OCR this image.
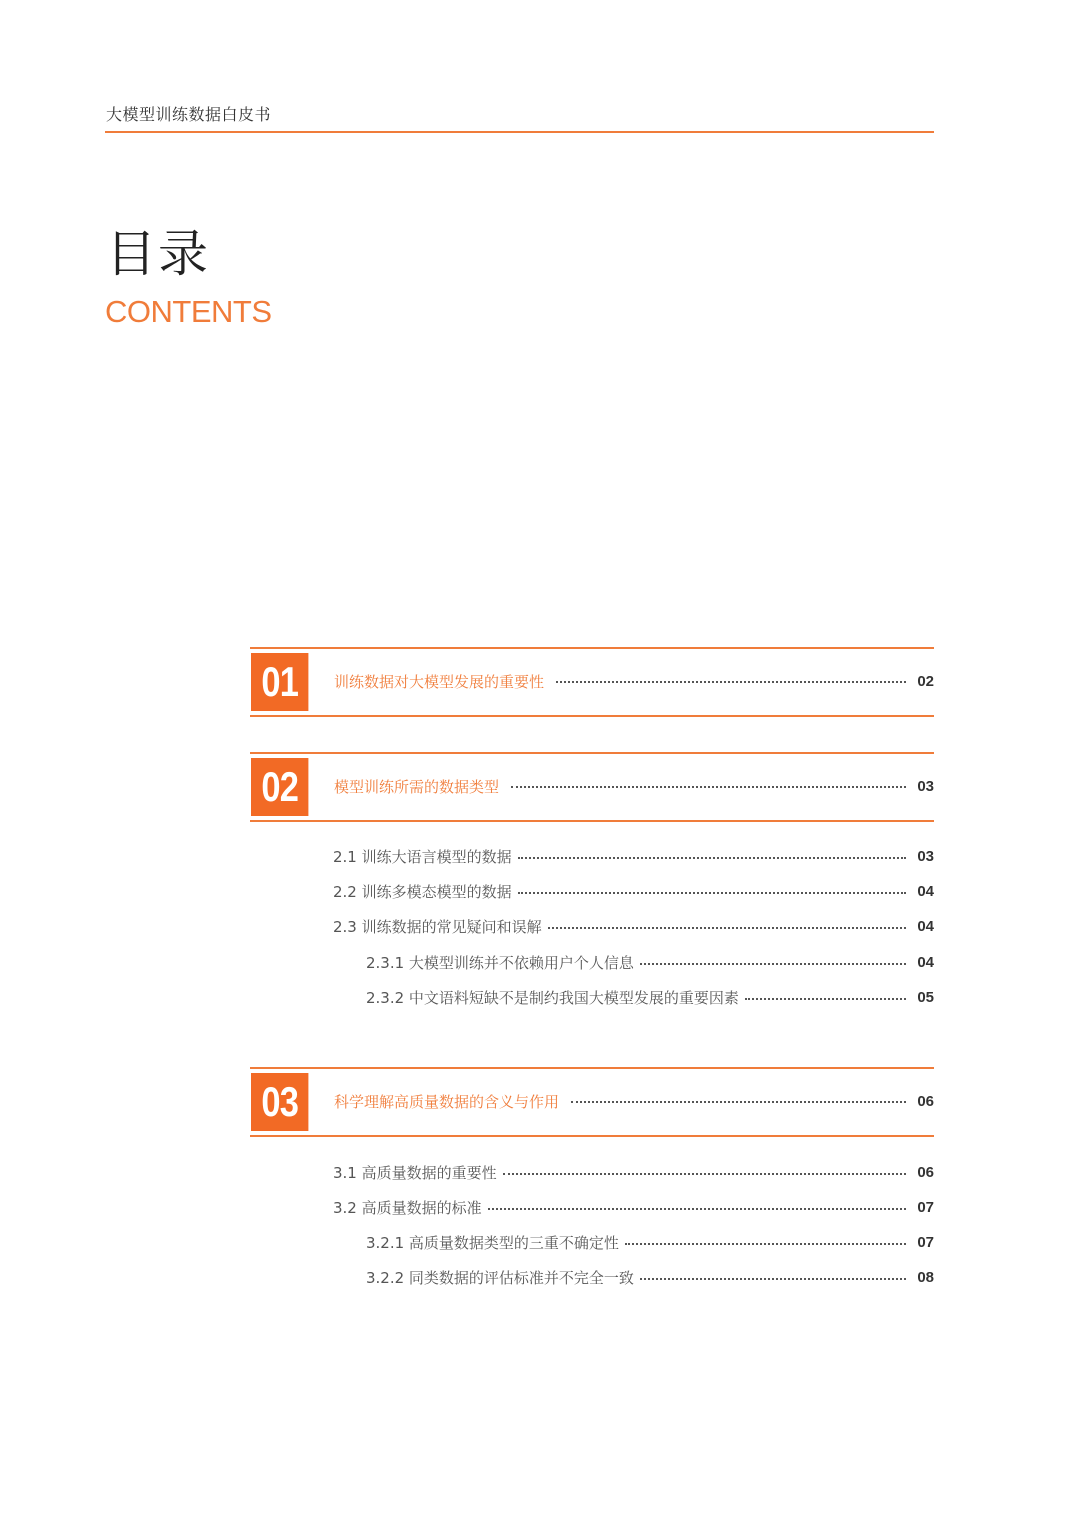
大模型训练数据白皮书
目录
CONTENTS
01	训练数据对大模型发展的重要性	02
02	模型训练所需的数据类型	03
2.1 训练大语言模型的数据	03
2.2 训练多模态模型的数据	04
2.3 训练数据的常见疑问和误解	04
2.3.1 大模型训练并不依赖用户个人信息	04
2.3.2 中文语料短缺不是制约我国大模型发展的重要因素	05
03	科学理解高质量数据的含义与作用	06
3.1 高质量数据的重要性	06
3.2 高质量数据的标准	07
3.2.1 高质量数据类型的三重不确定性	07
3.2.2 同类数据的评估标准并不完全一致	08
